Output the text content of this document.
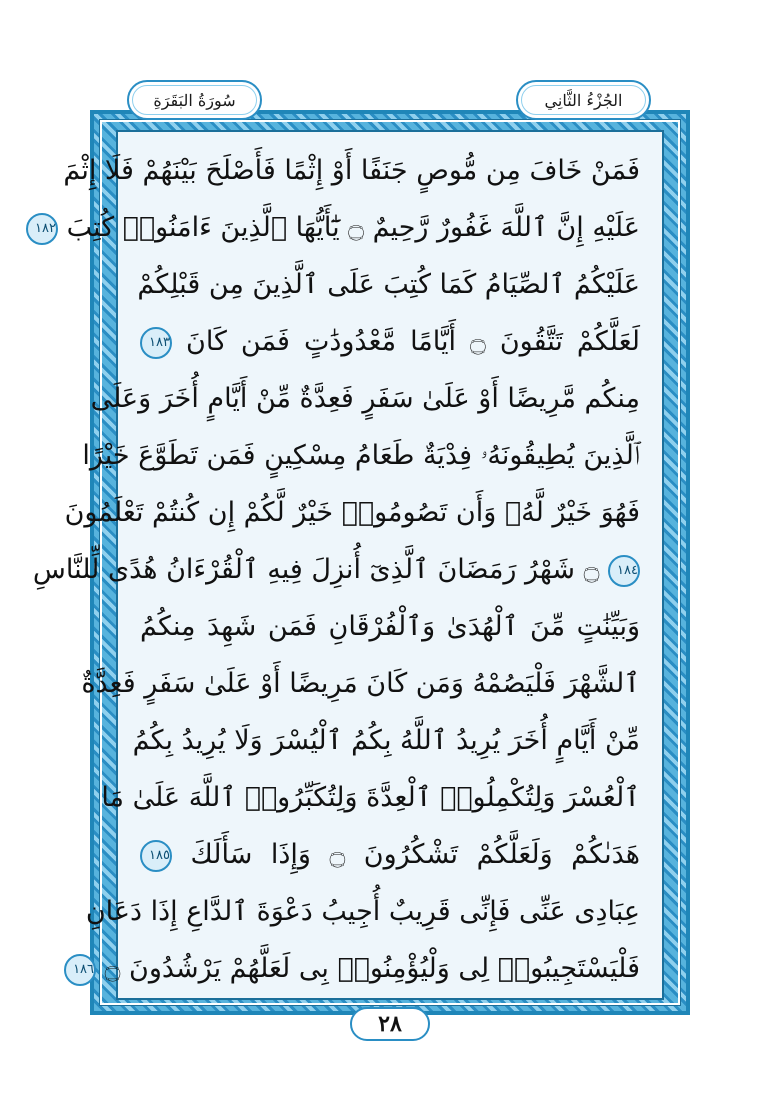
سُورَةُ البَقَرَةِ	الجُزْءُ الثَّانِي
فَمَنْ خَافَ مِن مُّوصٍ جَنَفًا أَوْ إِثْمًا فَأَصْلَحَ بَيْنَهُمْ فَلَا إِثْمَ
عَلَيْهِ إِنَّ ٱللَّهَ غَفُورٌ رَّحِيمٌ ۝ يَٰٓأَيُّهَا ٱلَّذِينَ ءَامَنُوا۟ كُتِبَ ١٨٢
عَلَيْكُمُ ٱلصِّيَامُ كَمَا كُتِبَ عَلَى ٱلَّذِينَ مِن قَبْلِكُمْ
لَعَلَّكُمْ تَتَّقُونَ ۝ أَيَّامًا مَّعْدُودَٰتٍ فَمَن كَانَ ١٨٣
مِنكُم مَّرِيضًا أَوْ عَلَىٰ سَفَرٍ فَعِدَّةٌ مِّنْ أَيَّامٍ أُخَرَ وَعَلَى
ٱلَّذِينَ يُطِيقُونَهُۥ فِدْيَةٌ طَعَامُ مِسْكِينٍ فَمَن تَطَوَّعَ خَيْرًا
فَهُوَ خَيْرٌ لَّهُۥ وَأَن تَصُومُوا۟ خَيْرٌ لَّكُمْ إِن كُنتُمْ تَعْلَمُونَ
١٨٤ ۝ شَهْرُ رَمَضَانَ ٱلَّذِىٓ أُنزِلَ فِيهِ ٱلْقُرْءَانُ هُدًى لِّلنَّاسِ
وَبَيِّنَٰتٍ مِّنَ ٱلْهُدَىٰ وَٱلْفُرْقَانِ فَمَن شَهِدَ مِنكُمُ
ٱلشَّهْرَ فَلْيَصُمْهُ وَمَن كَانَ مَرِيضًا أَوْ عَلَىٰ سَفَرٍ فَعِدَّةٌ
مِّنْ أَيَّامٍ أُخَرَ يُرِيدُ ٱللَّهُ بِكُمُ ٱلْيُسْرَ وَلَا يُرِيدُ بِكُمُ
ٱلْعُسْرَ وَلِتُكْمِلُوا۟ ٱلْعِدَّةَ وَلِتُكَبِّرُوا۟ ٱللَّهَ عَلَىٰ مَا
هَدَىٰكُمْ وَلَعَلَّكُمْ تَشْكُرُونَ ۝ وَإِذَا سَأَلَكَ ١٨٥
عِبَادِى عَنِّى فَإِنِّى قَرِيبٌ أُجِيبُ دَعْوَةَ ٱلدَّاعِ إِذَا دَعَانِ
فَلْيَسْتَجِيبُوا۟ لِى وَلْيُؤْمِنُوا۟ بِى لَعَلَّهُمْ يَرْشُدُونَ ۝ ١٨٦
٢٨
